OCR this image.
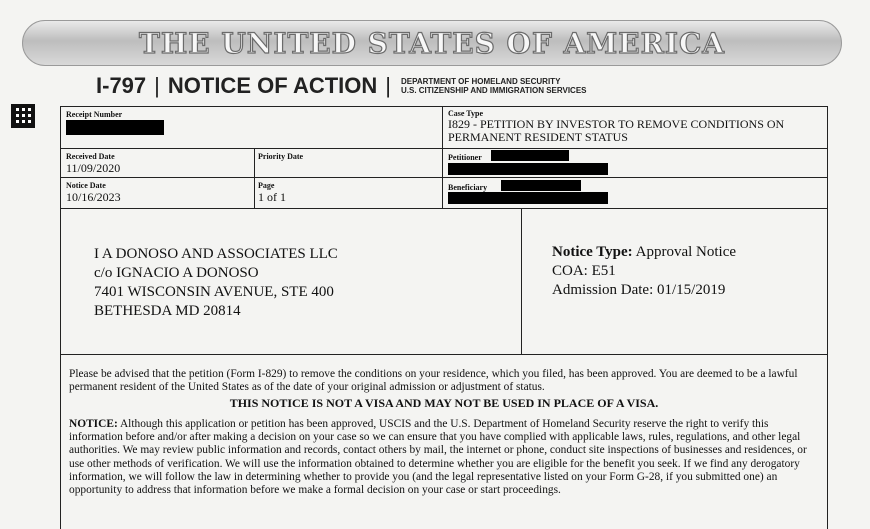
THE UNITED STATES OF AMERICA
I-797 | NOTICE OF ACTION | DEPARTMENT OF HOMELAND SECURITY
U.S. CITIZENSHIP AND IMMIGRATION SERVICES
Receipt Number	Case Type
I829 - PETITION BY INVESTOR TO REMOVE CONDITIONS ON PERMANENT RESIDENT STATUS
Received Date
11/09/2020
Priority Date	Petitioner
Notice Date
10/16/2023
Page
1 of 1
Beneficiary
I A DONOSO AND ASSOCIATES LLC
c/o IGNACIO A DONOSO
7401 WISCONSIN AVENUE, STE 400
BETHESDA MD 20814
Notice Type: Approval Notice
COA: E51
Admission Date: 01/15/2019
Please be advised that the petition (Form I-829) to remove the conditions on your residence, which you filed, has been approved. You are deemed to be a lawful permanent resident of the United States as of the date of your original admission or adjustment of status.
THIS NOTICE IS NOT A VISA AND MAY NOT BE USED IN PLACE OF A VISA.
NOTICE: Although this application or petition has been approved, USCIS and the U.S. Department of Homeland Security reserve the right to verify this information before and/or after making a decision on your case so we can ensure that you have complied with applicable laws, rules, regulations, and other legal authorities. We may review public information and records, contact others by mail, the internet or phone, conduct site inspections of businesses and residences, or use other methods of verification. We will use the information obtained to determine whether you are eligible for the benefit you seek. If we find any derogatory information, we will follow the law in determining whether to provide you (and the legal representative listed on your Form G-28, if you submitted one) an opportunity to address that information before we make a formal decision on your case or start proceedings.
